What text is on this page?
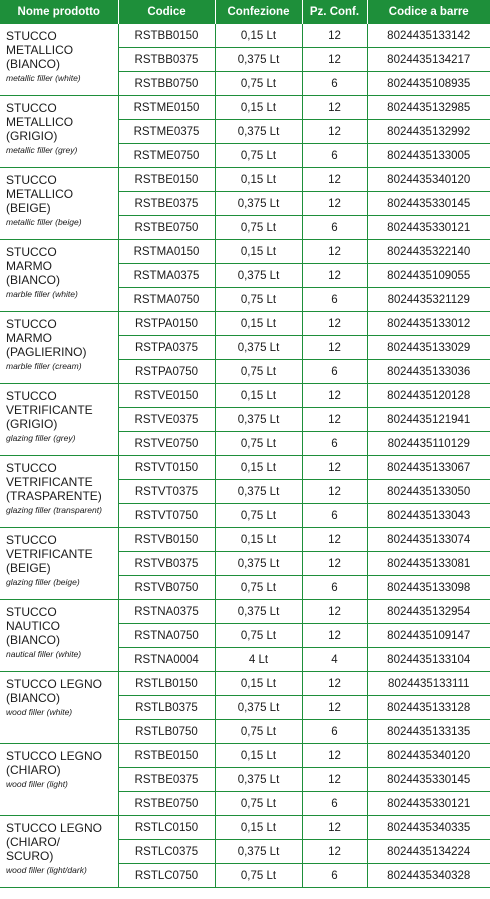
Nome prodotto	Codice	Confezione	Pz. Conf.	Codice a barre

STUCCO
METALLICO
(BIANCO)
metallic filler (white)	RSTBB0150	0,15 Lt	12	8024435133142
	RSTBB0375	0,375 Lt	12	8024435134217
	RSTBB0750	0,75 Lt	6	8024435108935

STUCCO
METALLICO
(GRIGIO)
metallic filler (grey)	RSTME0150	0,15 Lt	12	8024435132985
	RSTME0375	0,375 Lt	12	8024435132992
	RSTME0750	0,75 Lt	6	8024435133005

STUCCO
METALLICO
(BEIGE)
metallic filler (beige)	RSTBE0150	0,15 Lt	12	8024435340120
	RSTBE0375	0,375 Lt	12	8024435330145
	RSTBE0750	0,75 Lt	6	8024435330121

STUCCO
MARMO
(BIANCO)
marble filler (white)	RSTMA0150	0,15 Lt	12	8024435322140
	RSTMA0375	0,375 Lt	12	8024435109055
	RSTMA0750	0,75 Lt	6	8024435321129

STUCCO
MARMO
(PAGLIERINO)
marble filler (cream)	RSTPA0150	0,15 Lt	12	8024435133012
	RSTPA0375	0,375 Lt	12	8024435133029
	RSTPA0750	0,75 Lt	6	8024435133036

STUCCO
VETRIFICANTE
(GRIGIO)
glazing filler (grey)	RSTVE0150	0,15 Lt	12	8024435120128
	RSTVE0375	0,375 Lt	12	8024435121941
	RSTVE0750	0,75 Lt	6	8024435110129

STUCCO
VETRIFICANTE
(TRASPARENTE)
glazing filler (transparent)	RSTVT0150	0,15 Lt	12	8024435133067
	RSTVT0375	0,375 Lt	12	8024435133050
	RSTVT0750	0,75 Lt	6	8024435133043

STUCCO
VETRIFICANTE
(BEIGE)
glazing filler (beige)	RSTVB0150	0,15 Lt	12	8024435133074
	RSTVB0375	0,375 Lt	12	8024435133081
	RSTVB0750	0,75 Lt	6	8024435133098

STUCCO
NAUTICO
(BIANCO)
nautical filler (white)	RSTNA0375	0,375 Lt	12	8024435132954
	RSTNA0750	0,75 Lt	12	8024435109147
	RSTNA0004	4 Lt	4	8024435133104

STUCCO LEGNO
(BIANCO)
wood filler (white)	RSTLB0150	0,15 Lt	12	8024435133111
	RSTLB0375	0,375 Lt	12	8024435133128
	RSTLB0750	0,75 Lt	6	8024435133135

STUCCO LEGNO
(CHIARO)
wood filler (light)	RSTBE0150	0,15 Lt	12	8024435340120
	RSTBE0375	0,375 Lt	12	8024435330145
	RSTBE0750	0,75 Lt	6	8024435330121

STUCCO LEGNO
(CHIARO/
SCURO)
wood filler (light/dark)	RSTLC0150	0,15 Lt	12	8024435340335
	RSTLC0375	0,375 Lt	12	8024435134224
	RSTLC0750	0,75 Lt	6	8024435340328
